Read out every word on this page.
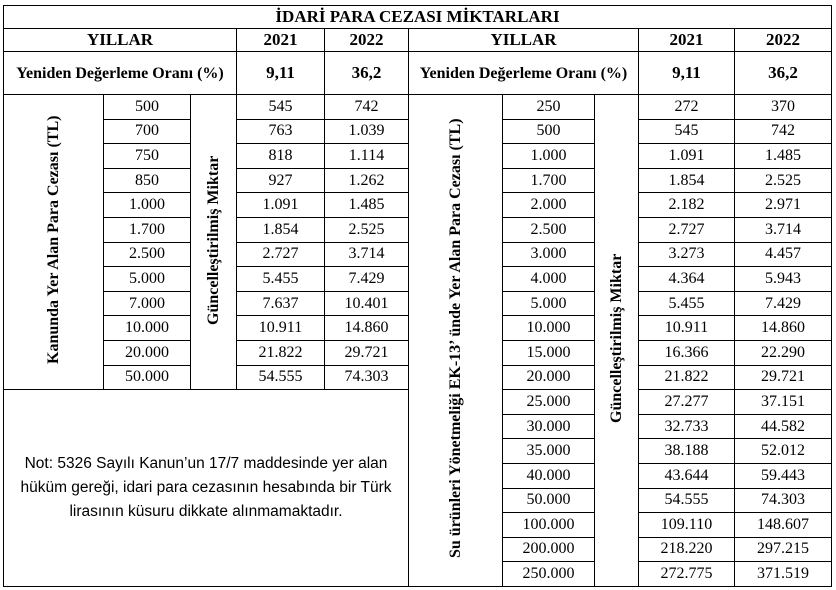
İDARİ PARA CEZASI MİKTARLARI									
YILLAR			2021	2022	YILLAR			2021	2022
Yeniden Değerleme Oranı (%)			9,11	36,2	Yeniden Değerleme Oranı (%)			9,11	36,2
Kanunda Yer Alan Para Cezası (TL)	500	Güncelleştirilmiş Miktar	545	742	Su ürünleri Yönetmeliği EK-13’ ünde Yer Alan Para Cezası (TL)	250	Güncelleştirilmiş Miktar	272	370
	700		763	1.039		500		545	742
	750		818	1.114		1.000		1.091	1.485
	850		927	1.262		1.700		1.854	2.525
	1.000		1.091	1.485		2.000		2.182	2.971
	1.700		1.854	2.525		2.500		2.727	3.714
	2.500		2.727	3.714		3.000		3.273	4.457
	5.000		5.455	7.429		4.000		4.364	5.943
	7.000		7.637	10.401		5.000		5.455	7.429
	10.000		10.911	14.860		10.000		10.911	14.860
	20.000		21.822	29.721		15.000		16.366	22.290
	50.000		54.555	74.303		20.000		21.822	29.721
Not: 5326 Sayılı Kanun’un 17/7 maddesinde yer alan hüküm gereği, idari para cezasının hesabında bir Türk lirasının küsuru dikkate alınmamaktadır.						25.000		27.277	37.151
						30.000		32.733	44.582
						35.000		38.188	52.012
						40.000		43.644	59.443
						50.000		54.555	74.303
						100.000		109.110	148.607
						200.000		218.220	297.215
						250.000		272.775	371.519
